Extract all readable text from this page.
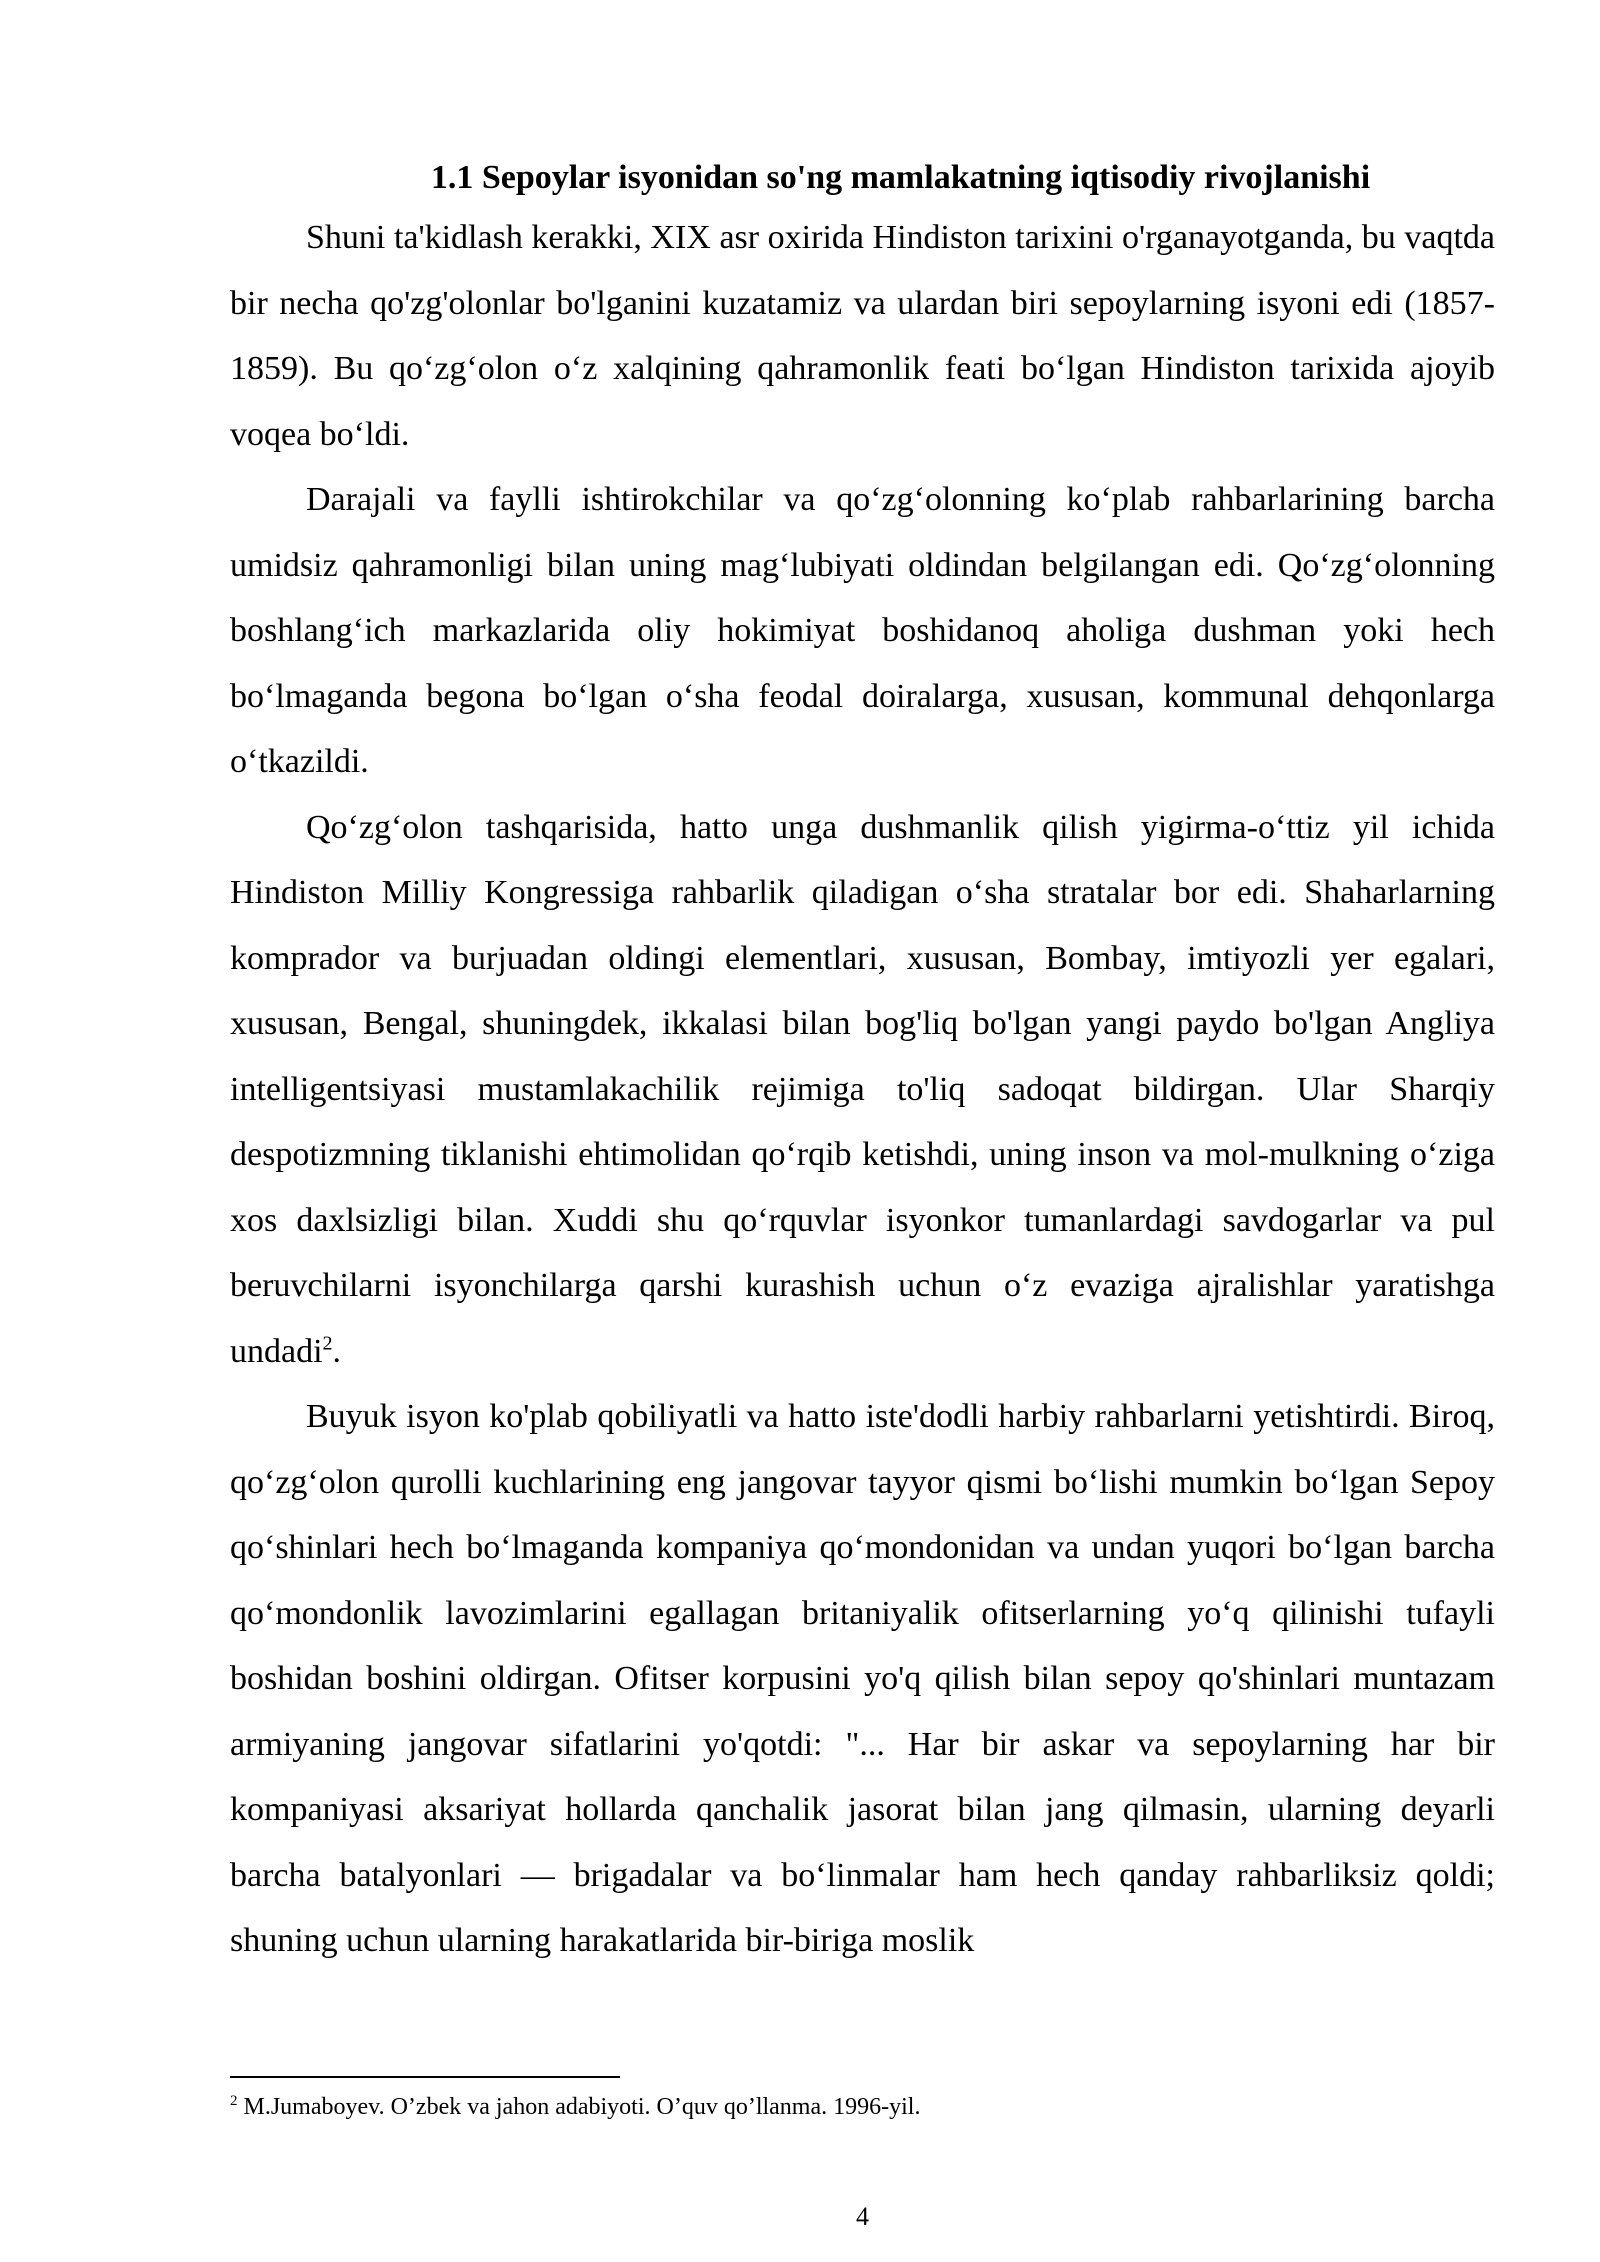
1.1 Sepoylar isyonidan so'ng mamlakatning iqtisodiy rivojlanishi

Shuni ta'kidlash kerakki, XIX asr oxirida Hindiston tarixini o'rganayotganda, bu vaqtda bir necha qo'zg'olonlar bo'lganini kuzatamiz va ulardan biri sepoylarning isyoni edi (1857-1859). Bu qo‘zg‘olon o‘z xalqining qahramonlik feati bo‘lgan Hindiston tarixida ajoyib voqea bo‘ldi.

Darajali va faylli ishtirokchilar va qo‘zg‘olonning ko‘plab rahbarlarining barcha umidsiz qahramonligi bilan uning mag‘lubiyati oldindan belgilangan edi. Qo‘zg‘olonning boshlang‘ich markazlarida oliy hokimiyat boshidanoq aholiga dushman yoki hech bo‘lmaganda begona bo‘lgan o‘sha feodal doiralarga, xususan, kommunal dehqonlarga o‘tkazildi.

Qo‘zg‘olon tashqarisida, hatto unga dushmanlik qilish yigirma-o‘ttiz yil ichida Hindiston Milliy Kongressiga rahbarlik qiladigan o‘sha stratalar bor edi. Shaharlarning komprador va burjuadan oldingi elementlari, xususan, Bombay, imtiyozli yer egalari, xususan, Bengal, shuningdek, ikkalasi bilan bog'liq bo'lgan yangi paydo bo'lgan Angliya intelligentsiyasi mustamlakachilik rejimiga to'liq sadoqat bildirgan. Ular Sharqiy despotizmning tiklanishi ehtimolidan qo‘rqib ketishdi, uning inson va mol-mulkning o‘ziga xos daxlsizligi bilan. Xuddi shu qo‘rquvlar isyonkor tumanlardagi savdogarlar va pul beruvchilarni isyonchilarga qarshi kurashish uchun o‘z evaziga ajralishlar yaratishga undadi$^2$.

Buyuk isyon ko'plab qobiliyatli va hatto iste'dodli harbiy rahbarlarni yetishtirdi. Biroq, qo‘zg‘olon qurolli kuchlarining eng jangovar tayyor qismi bo‘lishi mumkin bo‘lgan Sepoy qo‘shinlari hech bo‘lmaganda kompaniya qo‘mondonidan va undan yuqori bo‘lgan barcha qo‘mondonlik lavozimlarini egallagan britaniyalik ofitserlarning yo‘q qilinishi tufayli boshidan boshini oldirgan. Ofitser korpusini yo'q qilish bilan sepoy qo'shinlari muntazam armiyaning jangovar sifatlarini yo'qotdi: "... Har bir askar va sepoylarning har bir kompaniyasi aksariyat hollarda qanchalik jasorat bilan jang qilmasin, ularning deyarli barcha batalyonlari — brigadalar va bo‘linmalar ham hech qanday rahbarliksiz qoldi; shuning uchun ularning harakatlarida bir-biriga moslik

$^2$ M.Jumaboyev. O’zbek va jahon adabiyoti. O’quv qo’llanma. 1996-yil.

4
